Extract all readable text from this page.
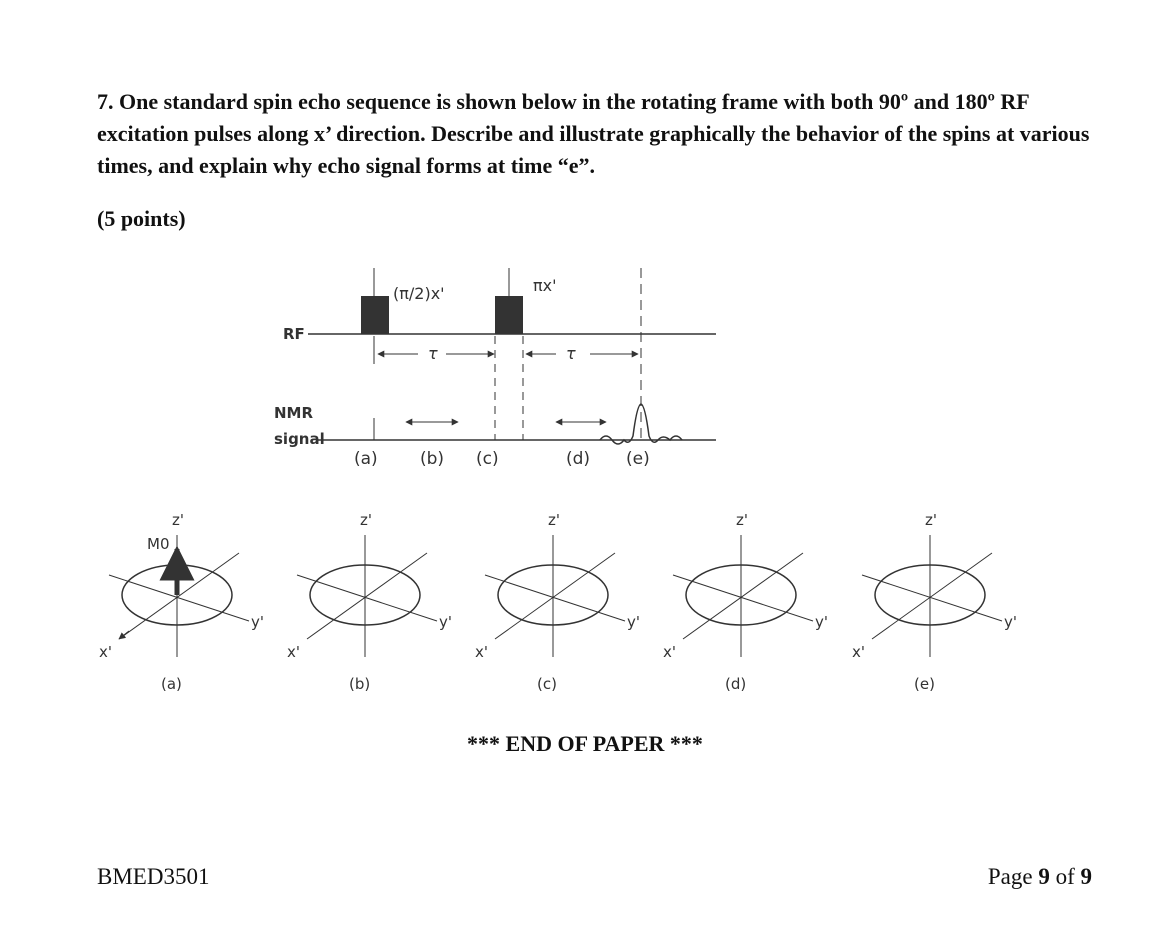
7. One standard spin echo sequence is shown below in the rotating frame with both 90º and 180º RF excitation pulses along x’ direction. Describe and illustrate graphically the behavior of the spins at various times, and explain why echo signal forms at time “e”.

(5 points)

(π/2)x'	πx'
RF
NMR
signal
τ	τ
(a) (b) (c)	(d) (e)
z'
y'
x'
(a)
M0
z'
y'
x'
(b)
z'
y'
x'
(c)
z'
y'
x'
(d)
z'
y'
x'
(e)

*** END OF PAPER ***

BMED3501	Page 9 of 9
